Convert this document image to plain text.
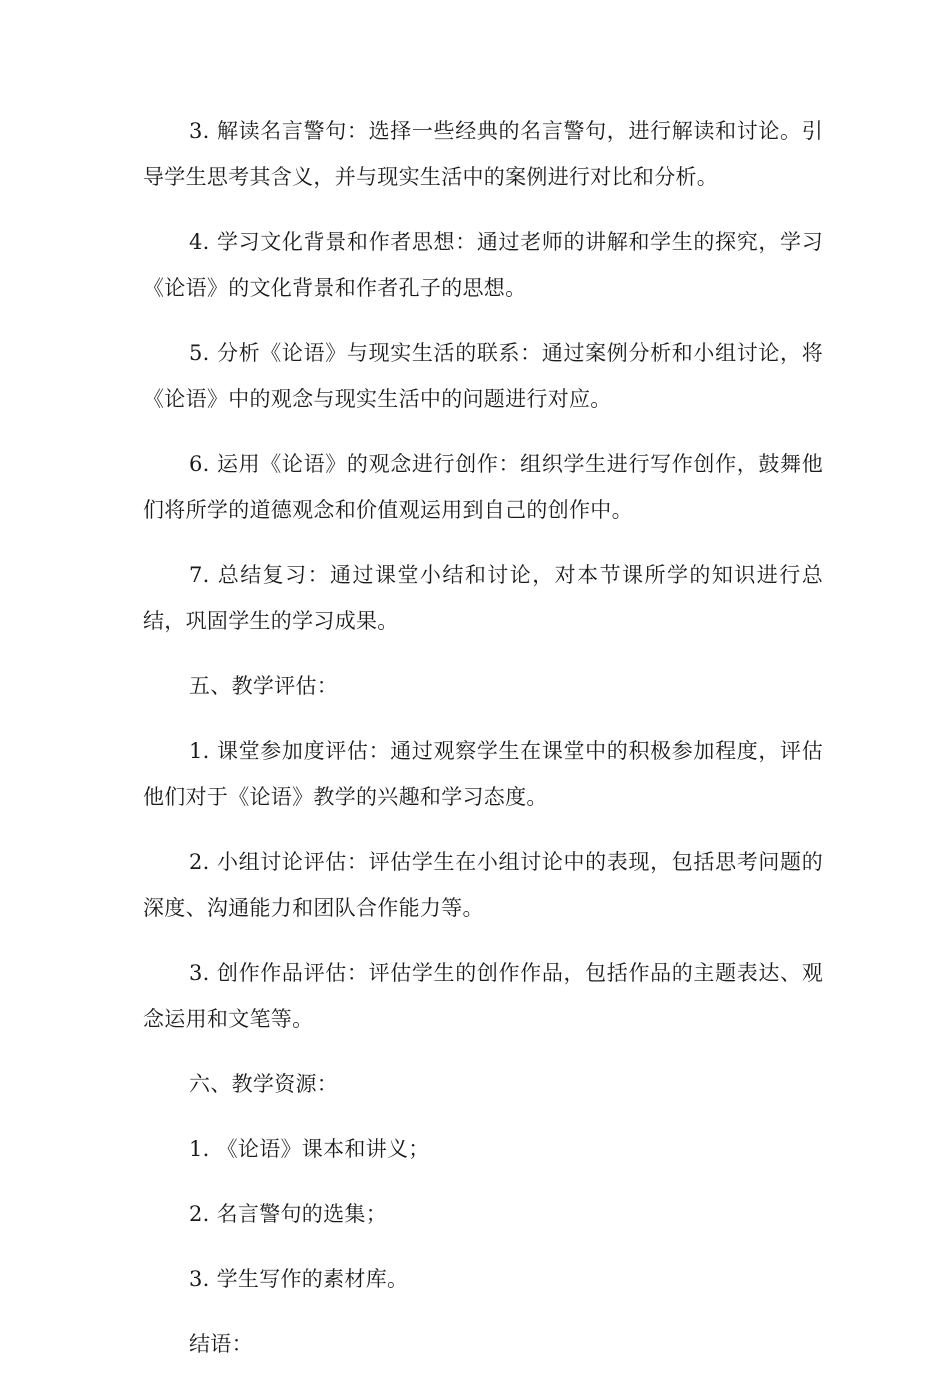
3. 解读名言警句：选择一些经典的名言警句，进行解读和讨论。引导学生思考其含义，并与现实生活中的案例进行对比和分析。

4. 学习文化背景和作者思想：通过老师的讲解和学生的探究，学习《论语》的文化背景和作者孔子的思想。

5. 分析《论语》与现实生活的联系：通过案例分析和小组讨论，将《论语》中的观念与现实生活中的问题进行对应。

6. 运用《论语》的观念进行创作：组织学生进行写作创作，鼓舞他们将所学的道德观念和价值观运用到自己的创作中。

7. 总结复习：通过课堂小结和讨论，对本节课所学的知识进行总结，巩固学生的学习成果。

五、教学评估：

1. 课堂参加度评估：通过观察学生在课堂中的积极参加程度，评估他们对于《论语》教学的兴趣和学习态度。

2. 小组讨论评估：评估学生在小组讨论中的表现，包括思考问题的深度、沟通能力和团队合作能力等。

3. 创作作品评估：评估学生的创作作品，包括作品的主题表达、观念运用和文笔等。

六、教学资源：

1. 《论语》课本和讲义；

2. 名言警句的选集；

3. 学生写作的素材库。

结语：
